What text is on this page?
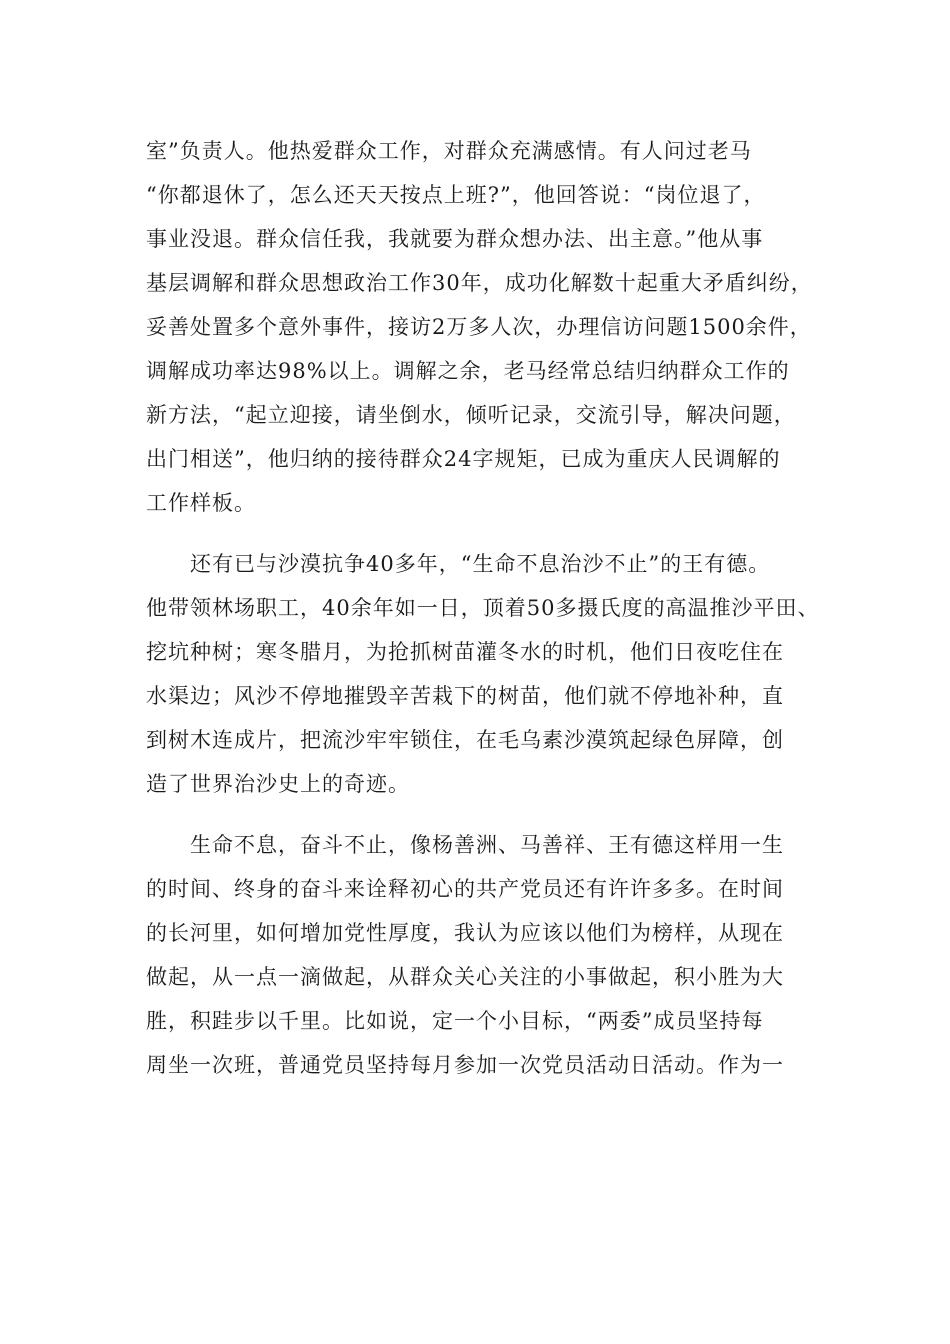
室”负责人。他热爱群众工作，对群众充满感情。有人问过老马
“你都退休了，怎么还天天按点上班?”，他回答说：“岗位退了，
事业没退。群众信任我，我就要为群众想办法、出主意。”他从事
基层调解和群众思想政治工作30年，成功化解数十起重大矛盾纠纷，
妥善处置多个意外事件，接访2万多人次，办理信访问题1500余件，
调解成功率达98%以上。调解之余，老马经常总结归纳群众工作的
新方法，“起立迎接，请坐倒水，倾听记录，交流引导，解决问题，
出门相送”，他归纳的接待群众24字规矩，已成为重庆人民调解的
工作样板。
　　还有已与沙漠抗争40多年，“生命不息治沙不止”的王有德。
他带领林场职工，40余年如一日，顶着50多摄氏度的高温推沙平田、
挖坑种树；寒冬腊月，为抢抓树苗灌冬水的时机，他们日夜吃住在
水渠边；风沙不停地摧毁辛苦栽下的树苗，他们就不停地补种，直
到树木连成片，把流沙牢牢锁住，在毛乌素沙漠筑起绿色屏障，创
造了世界治沙史上的奇迹。
　　生命不息，奋斗不止，像杨善洲、马善祥、王有德这样用一生
的时间、终身的奋斗来诠释初心的共产党员还有许许多多。在时间
的长河里，如何增加党性厚度，我认为应该以他们为榜样，从现在
做起，从一点一滴做起，从群众关心关注的小事做起，积小胜为大
胜，积跬步以千里。比如说，定一个小目标，“两委”成员坚持每
周坐一次班，普通党员坚持每月参加一次党员活动日活动。作为一
